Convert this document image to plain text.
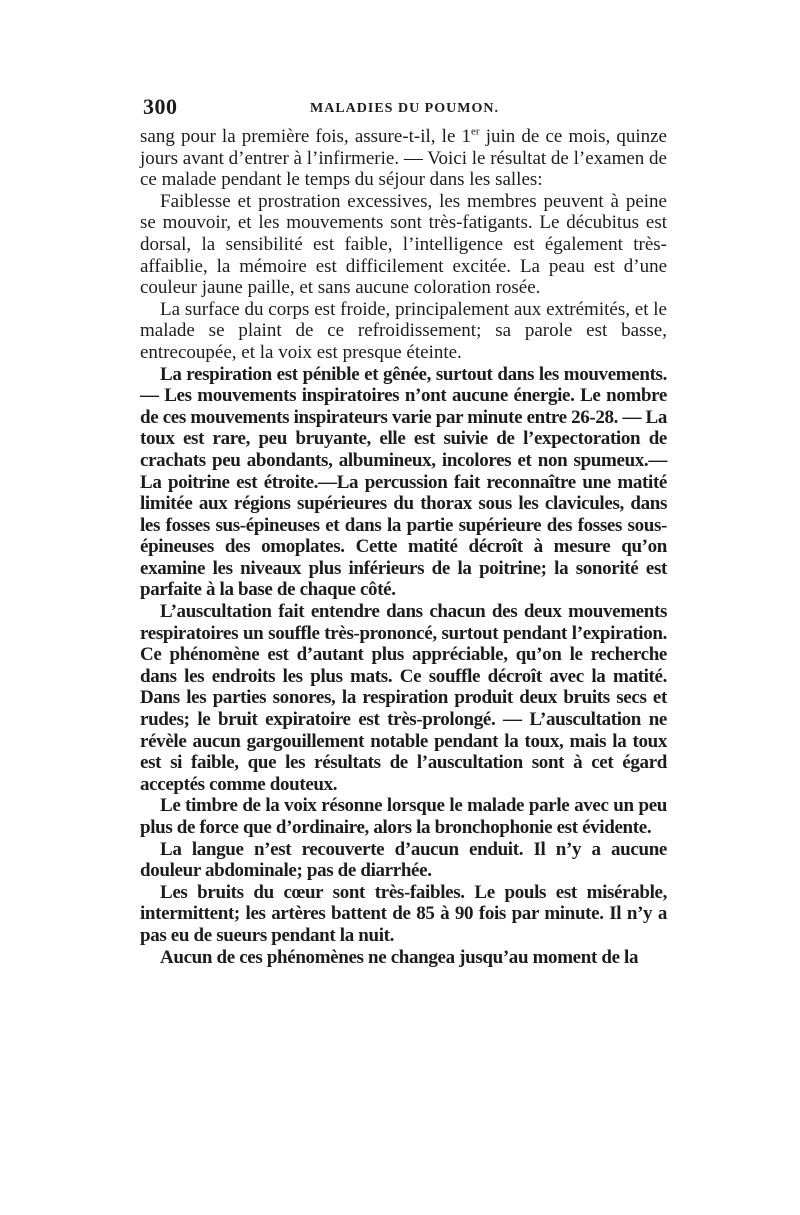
300	MALADIES DU POUMON.

sang pour la première fois, assure-t-il, le 1er juin de ce mois, quinze jours avant d’entrer à l’infirmerie. — Voici le résultat de l’examen de ce malade pendant le temps du séjour dans les salles:

Faiblesse et prostration excessives, les membres peuvent à peine se mouvoir, et les mouvements sont très-fatigants. Le décubitus est dorsal, la sensibilité est faible, l’intelligence est également très-affaiblie, la mémoire est difficilement excitée. La peau est d’une couleur jaune paille, et sans aucune coloration rosée.

La surface du corps est froide, principalement aux extrémités, et le malade se plaint de ce refroidissement; sa parole est basse, entrecoupée, et la voix est presque éteinte.

La respiration est pénible et gênée, surtout dans les mouvements. — Les mouvements inspiratoires n’ont aucune énergie. Le nombre de ces mouvements inspirateurs varie par minute entre 26-28. — La toux est rare, peu bruyante, elle est suivie de l’expectoration de crachats peu abondants, albumineux, incolores et non spumeux.—La poitrine est étroite.—La percussion fait reconnaître une matité limitée aux régions supérieures du thorax sous les clavicules, dans les fosses sus-épineuses et dans la partie supérieure des fosses sous-épineuses des omoplates. Cette matité décroît à mesure qu’on examine les niveaux plus inférieurs de la poitrine; la sonorité est parfaite à la base de chaque côté.

L’auscultation fait entendre dans chacun des deux mouvements respiratoires un souffle très-prononcé, surtout pendant l’expiration. Ce phénomène est d’autant plus appréciable, qu’on le recherche dans les endroits les plus mats. Ce souffle décroît avec la matité. Dans les parties sonores, la respiration produit deux bruits secs et rudes; le bruit expiratoire est très-prolongé. — L’auscultation ne révèle aucun gargouillement notable pendant la toux, mais la toux est si faible, que les résultats de l’auscultation sont à cet égard acceptés comme douteux.

Le timbre de la voix résonne lorsque le malade parle avec un peu plus de force que d’ordinaire, alors la bronchophonie est évidente.

La langue n’est recouverte d’aucun enduit. Il n’y a aucune douleur abdominale; pas de diarrhée.

Les bruits du cœur sont très-faibles. Le pouls est misérable, intermittent; les artères battent de 85 à 90 fois par minute. Il n’y a pas eu de sueurs pendant la nuit.

Aucun de ces phénomènes ne changea jusqu’au moment de la
